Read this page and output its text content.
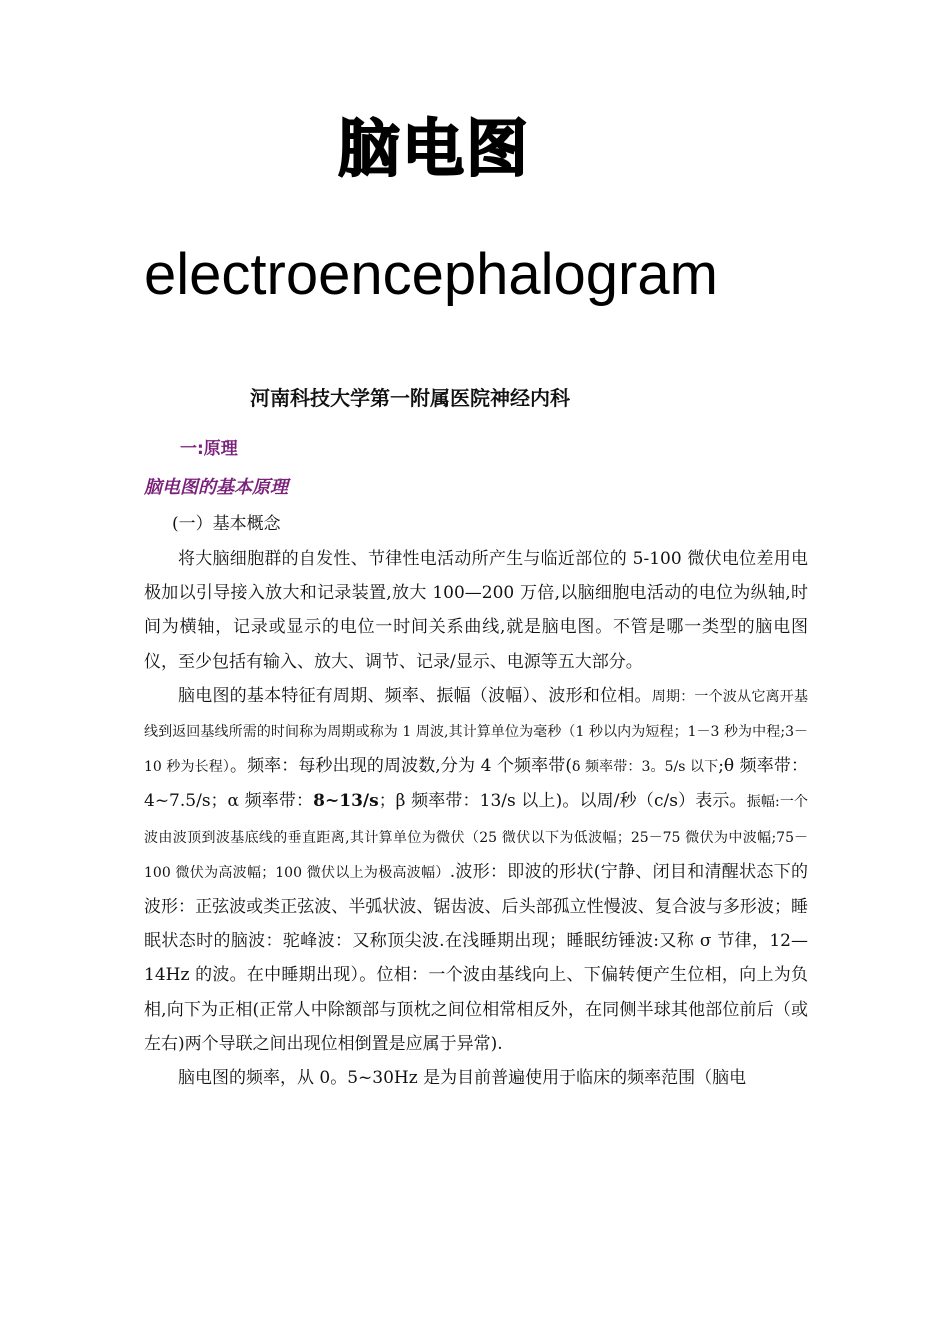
脑电图
electroencephalogram
河南科技大学第一附属医院神经内科
一:原理
脑电图的基本原理
(一）基本概念

将大脑细胞群的自发性、节律性电活动所产生与临近部位的 5-100 微伏电位差用电极加以引导接入放大和记录装置,放大 100—200 万倍,以脑细胞电活动的电位为纵轴,时间为横轴，记录或显示的电位一时间关系曲线,就是脑电图。不管是哪一类型的脑电图仪，至少包括有输入、放大、调节、记录/显示、电源等五大部分。

脑电图的基本特征有周期、频率、振幅（波幅）、波形和位相。周期：一个波从它离开基线到返回基线所需的时间称为周期或称为 1 周波,其计算单位为毫秒（1 秒以内为短程；1－3 秒为中程;3－10 秒为长程）。频率：每秒出现的周波数,分为 4 个频率带(δ 频率带：3。5/s 以下;θ 频率带：4~7.5/s；α 频率带：8~13/s；β 频率带：13/s 以上)。以周/秒（c/s）表示。振幅:一个波由波顶到波基底线的垂直距离,其计算单位为微伏（25 微伏以下为低波幅；25－75 微伏为中波幅;75－100 微伏为高波幅；100 微伏以上为极高波幅）.波形：即波的形状(宁静、闭目和清醒状态下的波形：正弦波或类正弦波、半弧状波、锯齿波、后头部孤立性慢波、复合波与多形波；睡眠状态时的脑波：驼峰波：又称顶尖波.在浅睡期出现；睡眠纺锤波:又称 σ 节律，12—14Hz 的波。在中睡期出现）。位相：一个波由基线向上、下偏转便产生位相，向上为负相,向下为正相(正常人中除额部与顶枕之间位相常相反外，在同侧半球其他部位前后（或左右)两个导联之间出现位相倒置是应属于异常).

脑电图的频率，从 0。5~30Hz 是为目前普遍使用于临床的频率范围（脑电
